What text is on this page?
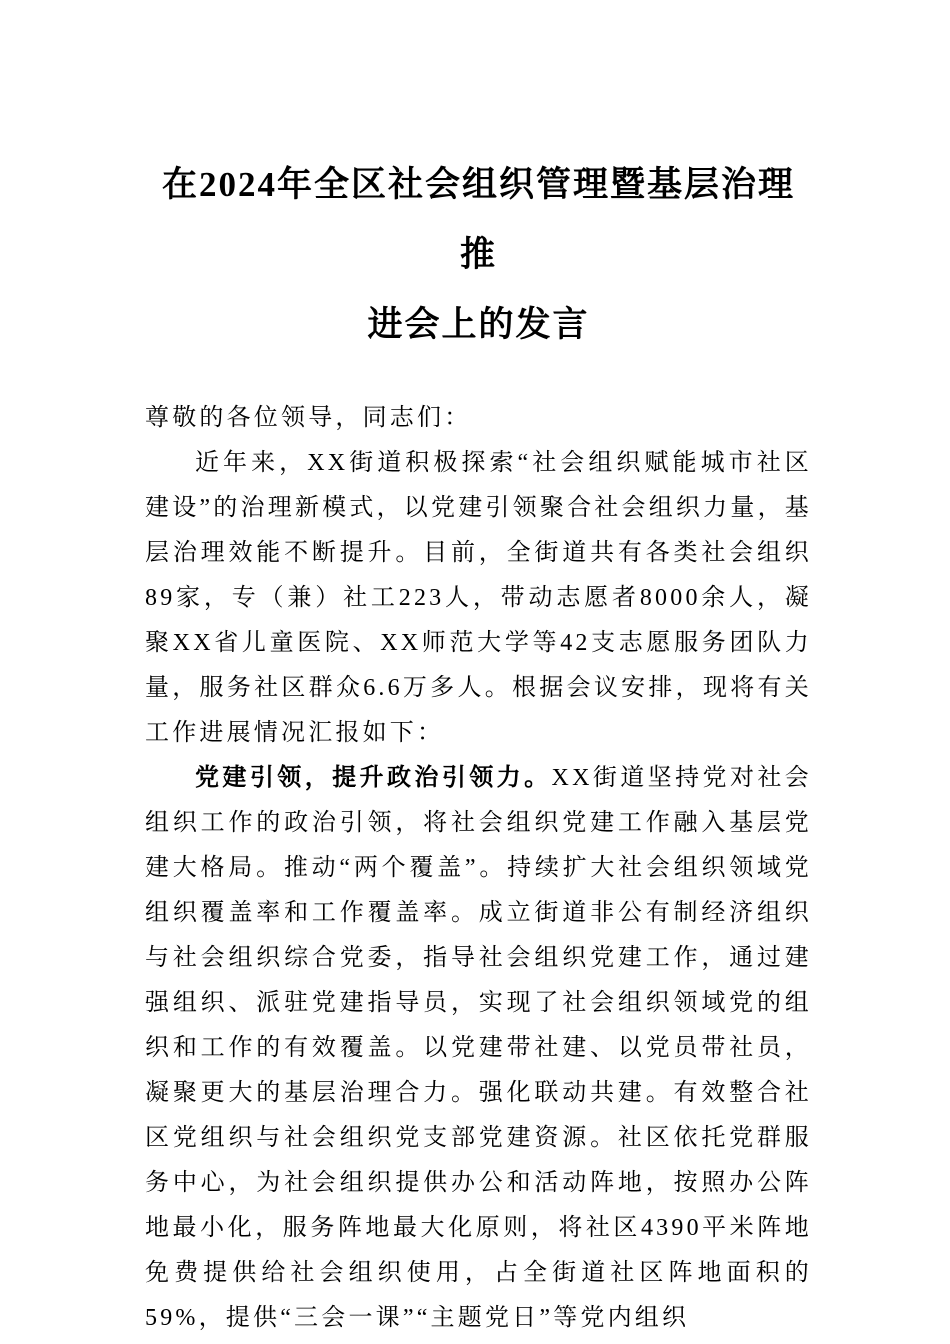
在2024年全区社会组织管理暨基层治理推
进会上的发言

尊敬的各位领导，同志们：

近年来，XX街道积极探索“社会组织赋能城市社区建设”的治理新模式，以党建引领聚合社会组织力量，基层治理效能不断提升。目前，全街道共有各类社会组织89家，专（兼）社工223人，带动志愿者8000余人，凝聚XX省儿童医院、XX师范大学等42支志愿服务团队力量，服务社区群众6.6万多人。根据会议安排，现将有关工作进展情况汇报如下：

党建引领，提升政治引领力。XX街道坚持党对社会组织工作的政治引领，将社会组织党建工作融入基层党建大格局。推动“两个覆盖”。持续扩大社会组织领域党组织覆盖率和工作覆盖率。成立街道非公有制经济组织与社会组织综合党委，指导社会组织党建工作，通过建强组织、派驻党建指导员，实现了社会组织领域党的组织和工作的有效覆盖。以党建带社建、以党员带社员，凝聚更大的基层治理合力。强化联动共建。有效整合社区党组织与社会组织党支部党建资源。社区依托党群服务中心，为社会组织提供办公和活动阵地，按照办公阵地最小化，服务阵地最大化原则，将社区4390平米阵地免费提供给社会组织使用，占全街道社区阵地面积的59%，提供“三会一课”“主题党日”等党内组织
